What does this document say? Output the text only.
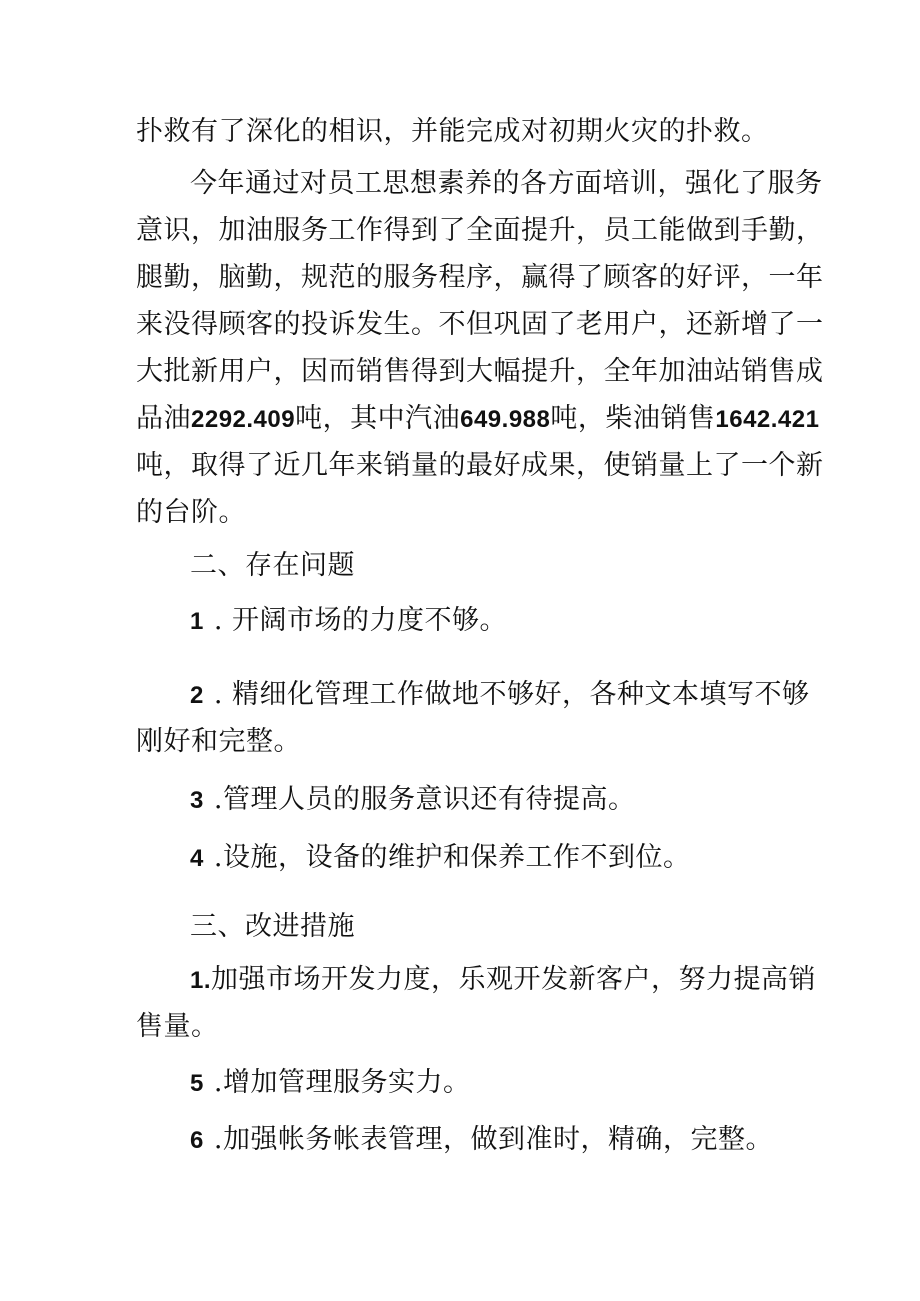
扑救有了深化的相识，并能完成对初期火灾的扑救。
今年通过对员工思想素养的各方面培训，强化了服务
意识，加油服务工作得到了全面提升，员工能做到手勤，
腿勤，脑勤，规范的服务程序，赢得了顾客的好评，一年
来没得顾客的投诉发生。不但巩固了老用户，还新增了一
大批新用户，因而销售得到大幅提升，全年加油站销售成
品油2292.409吨，其中汽油649.988吨，柴油销售1642.421
吨，取得了近几年来销量的最好成果，使销量上了一个新
的台阶。
二、存在问题
1 . 开阔市场的力度不够。
2 . 精细化管理工作做地不够好，各种文本填写不够
刚好和完整。
3 .管理人员的服务意识还有待提高。
4 .设施，设备的维护和保养工作不到位。
三、改进措施
1.加强市场开发力度，乐观开发新客户，努力提高销
售量。
5 .增加管理服务实力。
6 .加强帐务帐表管理，做到准时，精确，完整。
